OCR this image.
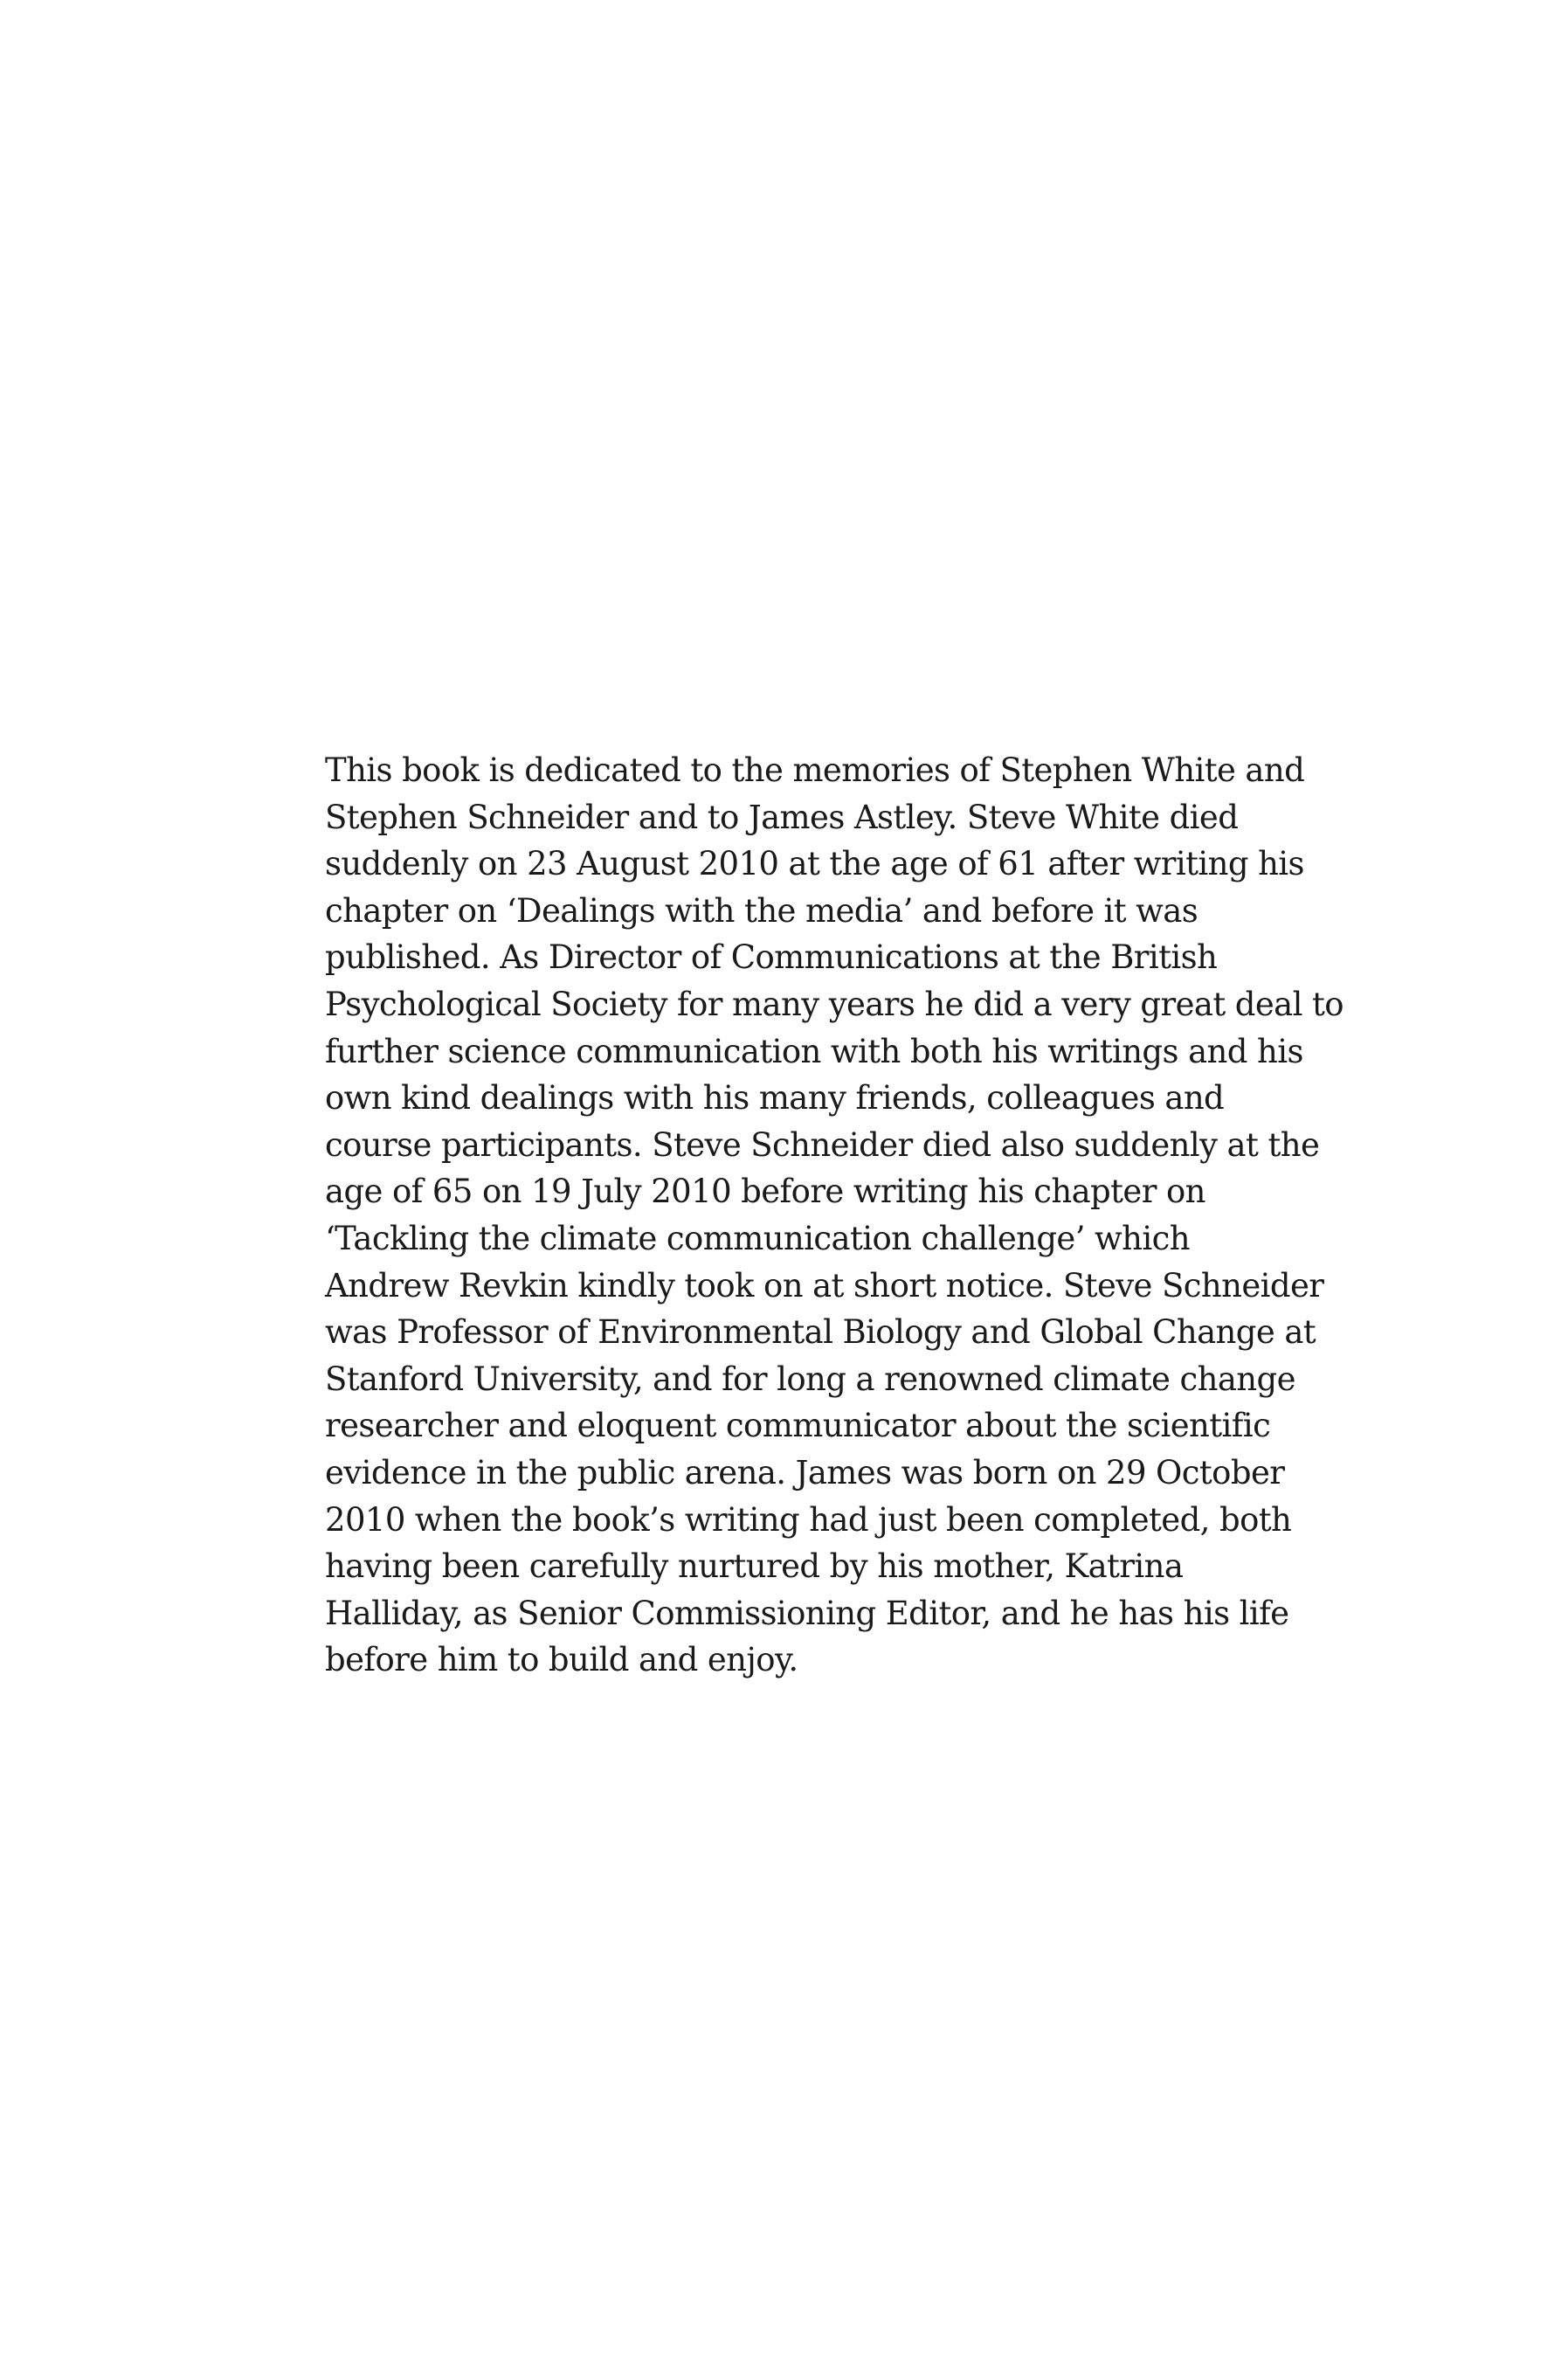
This book is dedicated to the memories of Stephen White and
Stephen Schneider and to James Astley. Steve White died
suddenly on 23 August 2010 at the age of 61 after writing his
chapter on ‘Dealings with the media’ and before it was
published. As Director of Communications at the British
Psychological Society for many years he did a very great deal to
further science communication with both his writings and his
own kind dealings with his many friends, colleagues and
course participants. Steve Schneider died also suddenly at the
age of 65 on 19 July 2010 before writing his chapter on
‘Tackling the climate communication challenge’ which
Andrew Revkin kindly took on at short notice. Steve Schneider
was Professor of Environmental Biology and Global Change at
Stanford University, and for long a renowned climate change
researcher and eloquent communicator about the scientific
evidence in the public arena. James was born on 29 October
2010 when the book’s writing had just been completed, both
having been carefully nurtured by his mother, Katrina
Halliday, as Senior Commissioning Editor, and he has his life
before him to build and enjoy.
